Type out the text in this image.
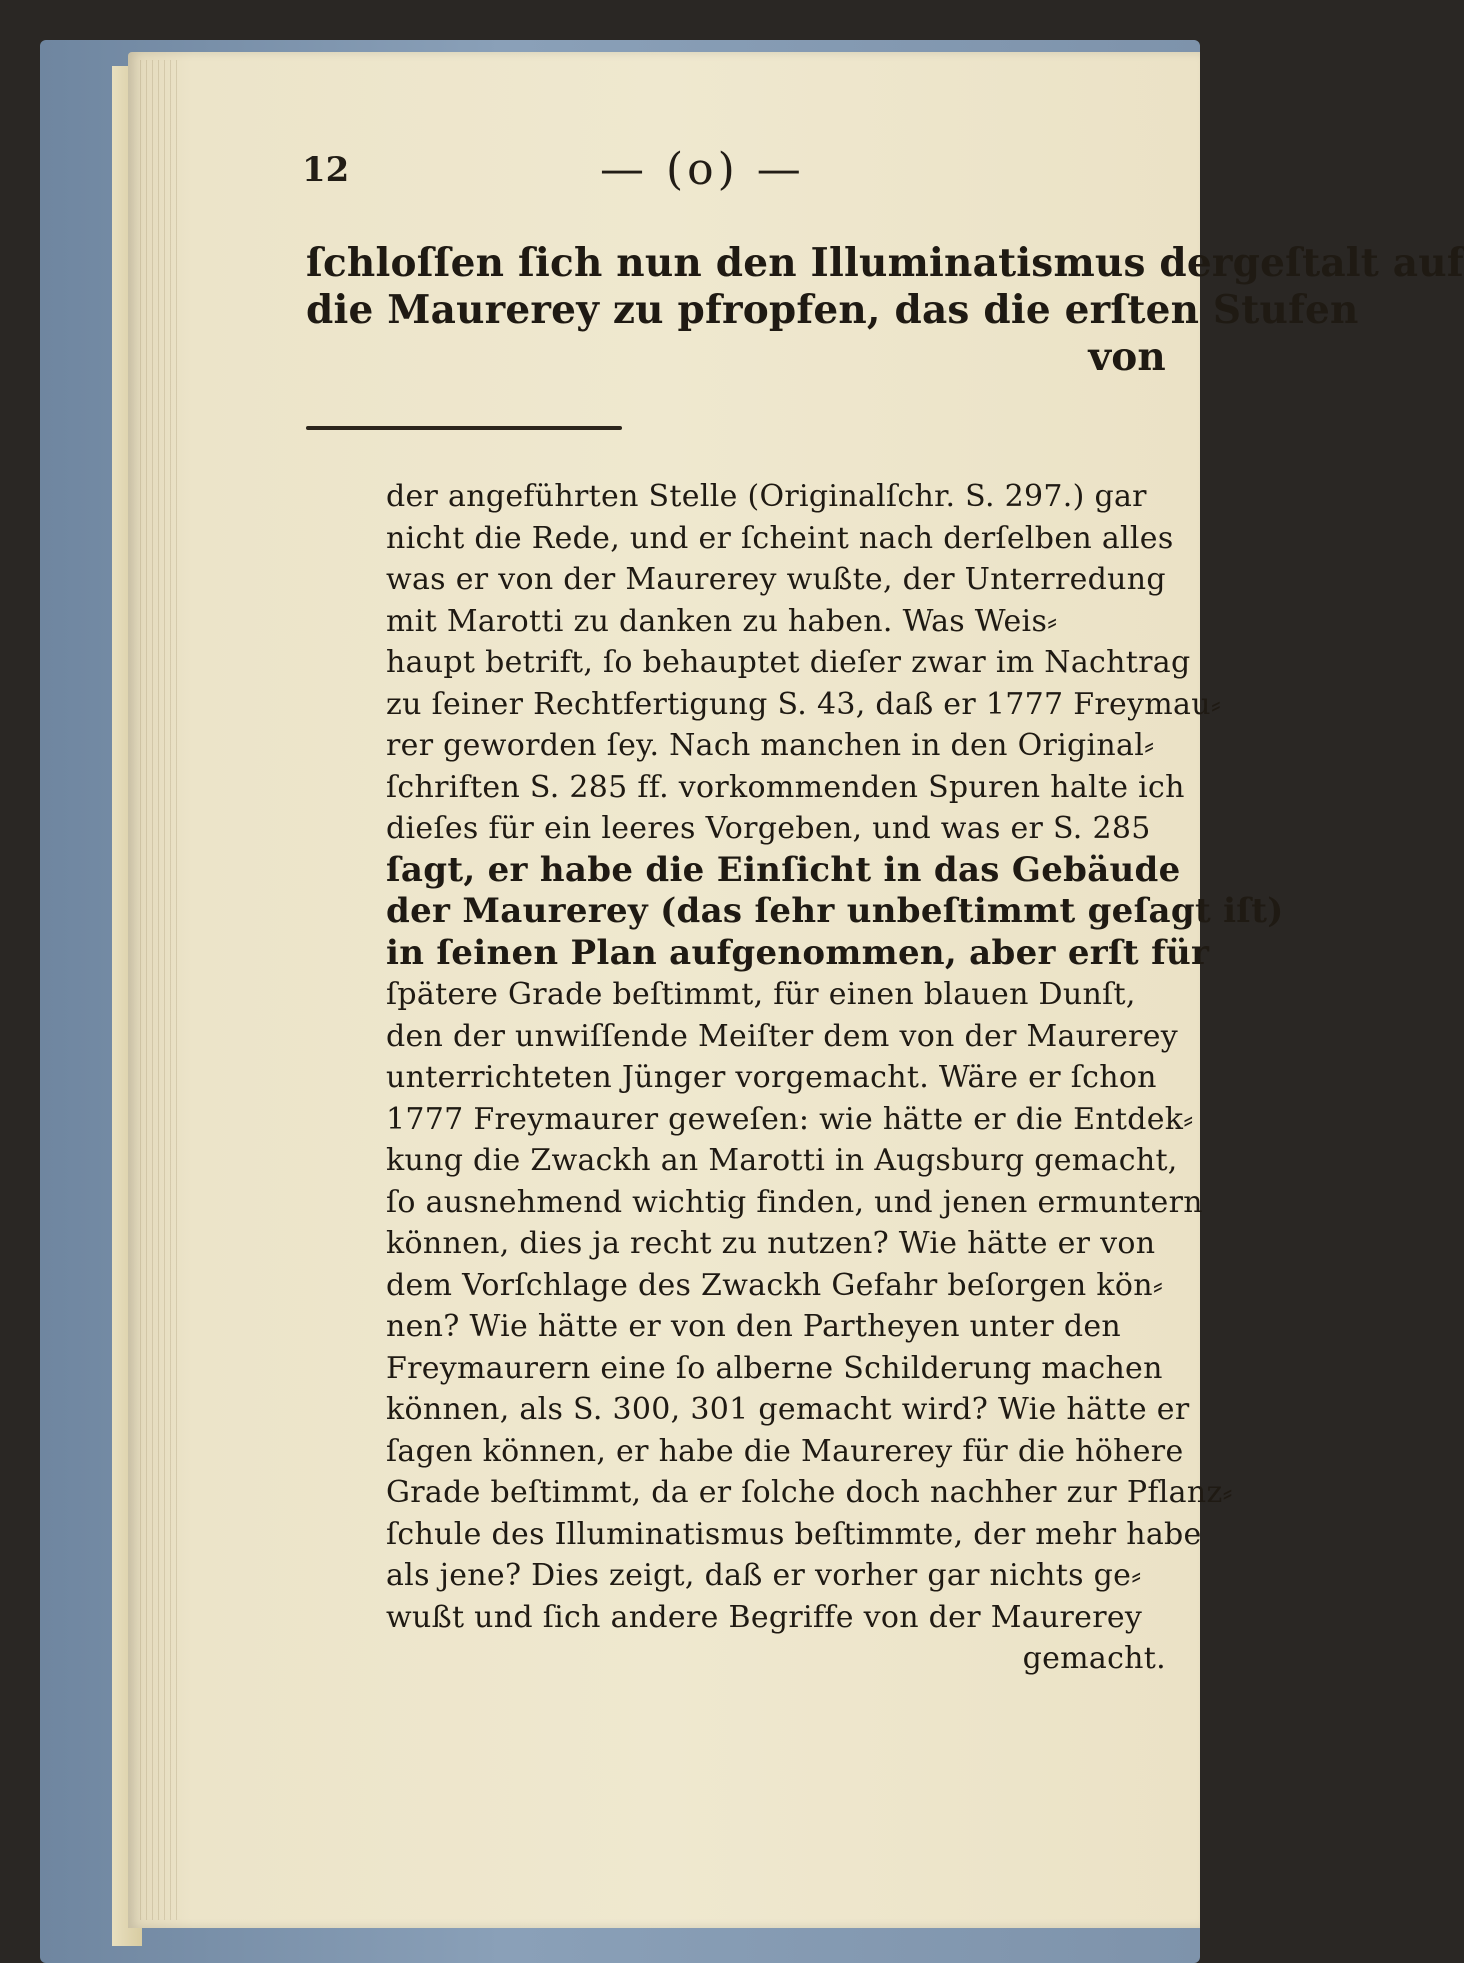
12	— (o) —
ſchloſſen ſich nun den Illuminatismus dergeſtalt auf
die Maurerey zu pfropfen, das die erſten Stufen
von
der angeführten Stelle (Originalſchr. S. 297.) gar
nicht die Rede, und er ſcheint nach derſelben alles
was er von der Maurerey wußte, der Unterredung
mit Marotti zu danken zu haben. Was Weis⸗
haupt betrift, ſo behauptet dieſer zwar im Nachtrag
zu ſeiner Rechtfertigung S. 43, daß er 1777 Freymau⸗
rer geworden ſey. Nach manchen in den Original⸗
ſchriften S. 285 ff. vorkommenden Spuren halte ich
dieſes für ein leeres Vorgeben, und was er S. 285
ſagt, er habe die Einſicht in das Gebäude
der Maurerey (das ſehr unbeſtimmt geſagt iſt)
in ſeinen Plan aufgenommen, aber erſt für
ſpätere Grade beſtimmt, für einen blauen Dunſt,
den der unwiſſende Meiſter dem von der Maurerey
unterrichteten Jünger vorgemacht. Wäre er ſchon
1777 Freymaurer geweſen: wie hätte er die Entdek⸗
kung die Zwackh an Marotti in Augsburg gemacht,
ſo ausnehmend wichtig finden, und jenen ermuntern
können, dies ja recht zu nutzen? Wie hätte er von
dem Vorſchlage des Zwackh Gefahr beſorgen kön⸗
nen? Wie hätte er von den Parthеyen unter den
Freymaurern eine ſo alberne Schilderung machen
können, als S. 300, 301 gemacht wird? Wie hätte er
ſagen können, er habe die Maurerey für die höhere
Grade beſtimmt, da er ſolche doch nachher zur Pflanz⸗
ſchule des Illuminatismus beſtimmte, der mehr habe
als jene? Dies zeigt, daß er vorher gar nichts ge⸗
wußt und ſich andere Begriffe von der Maurerey
gemacht.
